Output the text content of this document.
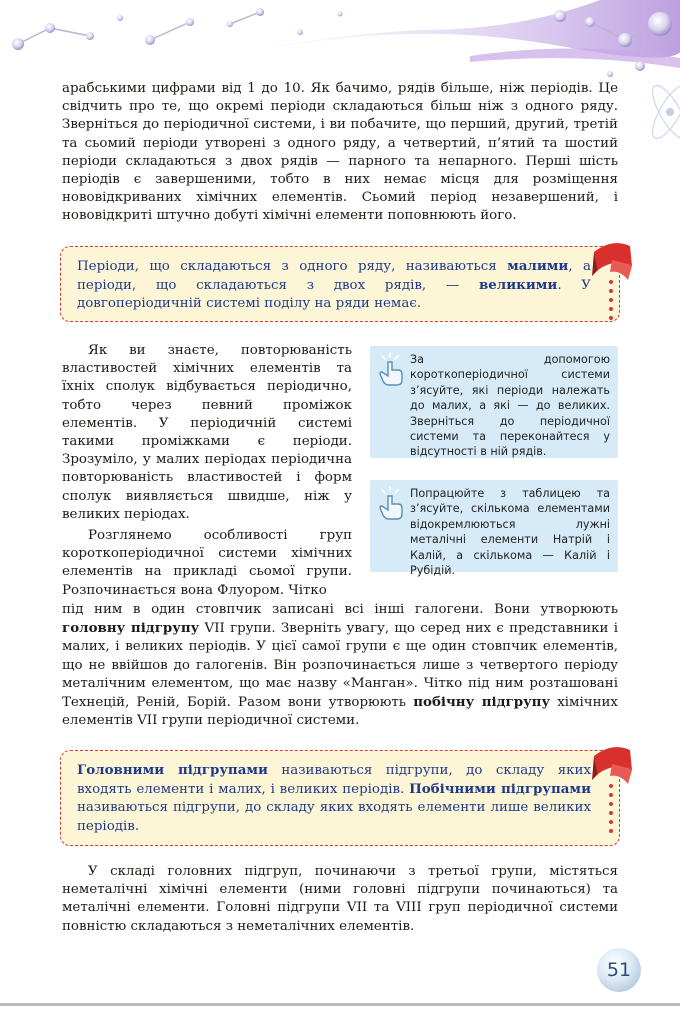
арабськими цифрами від 1 до 10. Як бачимо, рядів більше, ніж періодів. Це свідчить про те, що окремі періоди складаються більш ніж з одного ряду. Зверніться до періодичної системи, і ви побачите, що перший, другий, третій та сьомий періоди утворені з одного ряду, а четвертий, п’ятий та шостий періоди складаються з двох рядів — парного та непарного. Перші шість періодів є завершеними, тобто в них немає місця для розміщення нововідкриваних хімічних елементів. Сьомий період незавершений, і нововідкриті штучно добуті хімічні елементи поповнюють його.

Періоди, що складаються з одного ряду, називаються малими, а періоди, що складаються з двох рядів, — великими. У довгоперіодичній системі поділу на ряди немає.

Як ви знаєте, повторюваність властивостей хімічних елементів та їхніх сполук відбувається періодично, тобто через певний проміжок елементів. У періодичній системі такими проміжками є періоди. Зрозуміло, у малих періодах періодична повторюваність властивостей і форм сполук виявляється швидше, ніж у великих періодах.

Розглянемо особливості груп короткоперіодичної системи хімічних елементів на прикладі сьомої групи. Розпочинається вона Флуором. Чітко

За допомогою короткоперіодичної системи з’ясуйте, які періоди належать до малих, а які — до великих. Зверніться до періодичної системи та переконайтеся у відсутності в ній рядів.

Попрацюйте з таблицею та з’ясуйте, скількома елементами відокремлюються лужні металічні елементи Натрій і Калій, а скількома — Калій і Рубідій.

під ним в один стовпчик записані всі інші галогени. Вони утворюють головну підгрупу VII групи. Зверніть увагу, що серед них є представники і малих, і великих періодів. У цієї самої групи є ще один стовпчик елементів, що не ввійшов до галогенів. Він розпочинається лише з четвертого періоду металічним елементом, що має назву «Манган». Чітко під ним розташовані Технецій, Реній, Борій. Разом вони утворюють побічну підгрупу хімічних елементів VII групи періодичної системи.

Головними підгрупами називаються підгрупи, до складу яких входять елементи і малих, і великих періодів. Побічними підгрупами називаються підгрупи, до складу яких входять елементи лише великих періодів.

У складі головних підгруп, починаючи з третьої групи, містяться неметалічні хімічні елементи (ними головні підгрупи починаються) та металічні елементи. Головні підгрупи VII та VIII груп періодичної системи повністю складаються з неметалічних елементів.

51
